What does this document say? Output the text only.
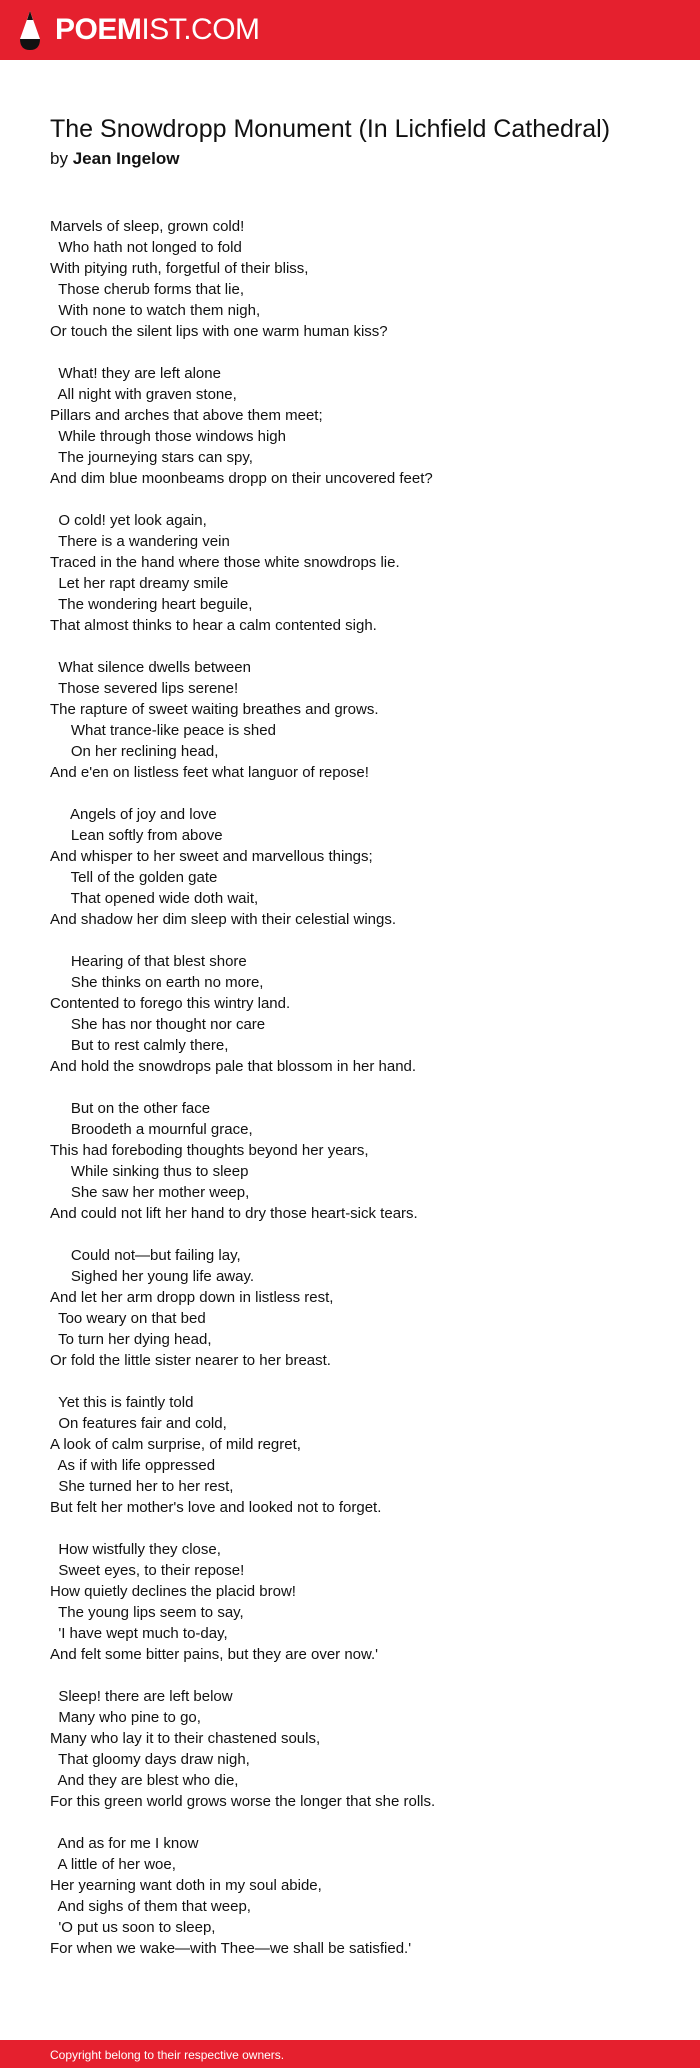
POEMIST.COM
The Snowdropp Monument (In Lichfield Cathedral)
by Jean Ingelow
Marvels of sleep, grown cold!
Who hath not longed to fold
With pitying ruth, forgetful of their bliss,
Those cherub forms that lie,
With none to watch them nigh,
Or touch the silent lips with one warm human kiss?
What! they are left alone
All night with graven stone,
Pillars and arches that above them meet;
While through those windows high
The journeying stars can spy,
And dim blue moonbeams dropp on their uncovered feet?
O cold! yet look again,
There is a wandering vein
Traced in the hand where those white snowdrops lie.
Let her rapt dreamy smile
The wondering heart beguile,
That almost thinks to hear a calm contented sigh.
What silence dwells between
Those severed lips serene!
The rapture of sweet waiting breathes and grows.
What trance-like peace is shed
On her reclining head,
And e'en on listless feet what languor of repose!
Angels of joy and love
Lean softly from above
And whisper to her sweet and marvellous things;
Tell of the golden gate
That opened wide doth wait,
And shadow her dim sleep with their celestial wings.
Hearing of that blest shore
She thinks on earth no more,
Contented to forego this wintry land.
She has nor thought nor care
But to rest calmly there,
And hold the snowdrops pale that blossom in her hand.
But on the other face
Broodeth a mournful grace,
This had foreboding thoughts beyond her years,
While sinking thus to sleep
She saw her mother weep,
And could not lift her hand to dry those heart-sick tears.
Could not—but failing lay,
Sighed her young life away.
And let her arm dropp down in listless rest,
Too weary on that bed
To turn her dying head,
Or fold the little sister nearer to her breast.
Yet this is faintly told
On features fair and cold,
A look of calm surprise, of mild regret,
As if with life oppressed
She turned her to her rest,
But felt her mother's love and looked not to forget.
How wistfully they close,
Sweet eyes, to their repose!
How quietly declines the placid brow!
The young lips seem to say,
'I have wept much to-day,
And felt some bitter pains, but they are over now.'
Sleep! there are left below
Many who pine to go,
Many who lay it to their chastened souls,
That gloomy days draw nigh,
And they are blest who die,
For this green world grows worse the longer that she rolls.
And as for me I know
A little of her woe,
Her yearning want doth in my soul abide,
And sighs of them that weep,
'O put us soon to sleep,
For when we wake—with Thee—we shall be satisfied.'
Copyright belong to their respective owners.
